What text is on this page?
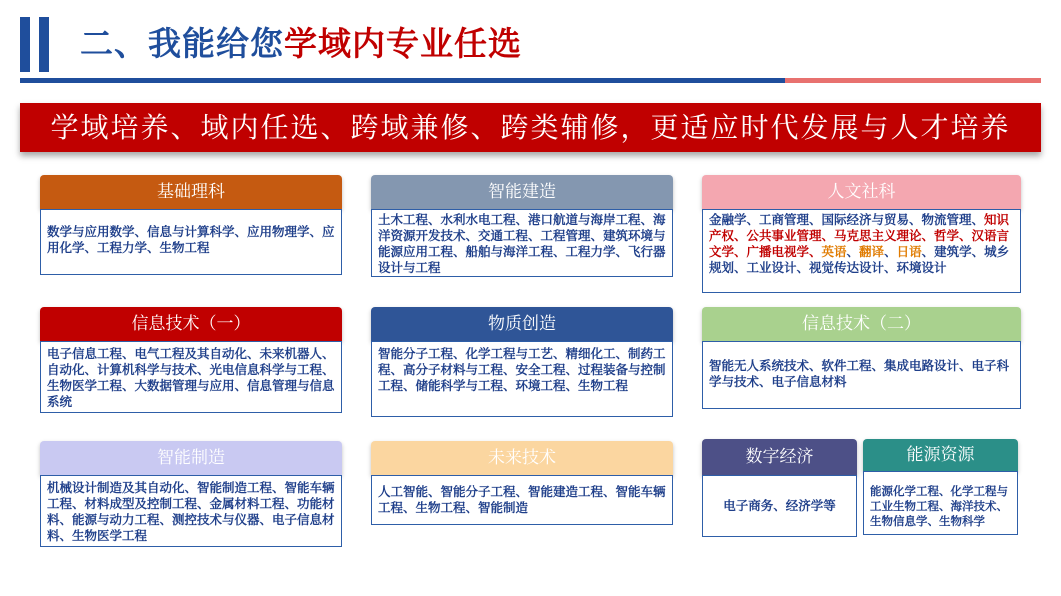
二、我能给您学域内专业任选
学域培养、域内任选、跨域兼修、跨类辅修，更适应时代发展与人才培养
基础理科
数学与应用数学、信息与计算科学、应用物理学、应用化学、工程力学、生物工程
智能建造
土木工程、水利水电工程、港口航道与海岸工程、海洋资源开发技术、交通工程、工程管理、建筑环境与能源应用工程、船舶与海洋工程、工程力学、飞行器设计与工程
人文社科
金融学、工商管理、国际经济与贸易、物流管理、知识产权、公共事业管理、马克思主义理论、哲学、汉语言文学、广播电视学、英语、翻译、日语、建筑学、城乡规划、工业设计、视觉传达设计、环境设计
信息技术（一）
电子信息工程、电气工程及其自动化、未来机器人、自动化、计算机科学与技术、光电信息科学与工程、生物医学工程、大数据管理与应用、信息管理与信息系统
物质创造
智能分子工程、化学工程与工艺、精细化工、制药工程、高分子材料与工程、安全工程、过程装备与控制工程、储能科学与工程、环境工程、生物工程
信息技术（二）
智能无人系统技术、软件工程、集成电路设计、电子科学与技术、电子信息材料
智能制造
机械设计制造及其自动化、智能制造工程、智能车辆工程、材料成型及控制工程、金属材料工程、功能材料、能源与动力工程、测控技术与仪器、电子信息材料、生物医学工程
未来技术
人工智能、智能分子工程、智能建造工程、智能车辆工程、生物工程、智能制造
数字经济
电子商务、经济学等
能源资源
能源化学工程、化学工程与工业生物工程、海洋技术、生物信息学、生物科学
